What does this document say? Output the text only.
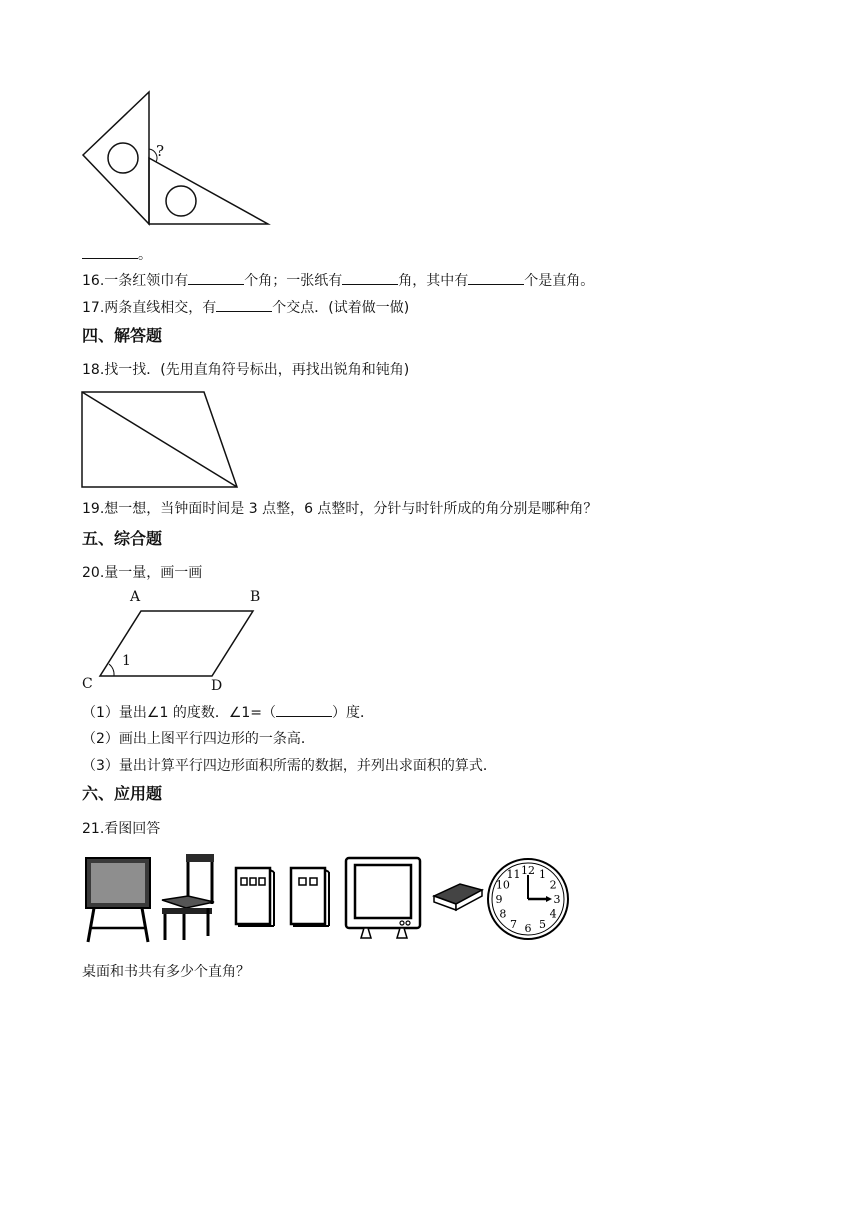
?
。
16.一条红领巾有	个角；一张纸有	角，其中有	个是直角。
17.两条直线相交，有	个交点．(试着做一做)
四、解答题
18.找一找．(先用直角符号标出，再找出锐角和钝角)
19.想一想，当钟面时间是 3 点整，6 点整时，分针与时针所成的角分别是哪种角？
五、综合题
20.量一量，画一画
A	B
C	D
1
（1）量出∠1 的度数．∠1=（	）度．
（2）画出上图平行四边形的一条高．
（3）量出计算平行四边形面积所需的数据，并列出求面积的算式．
六、应用题
21.看图回答
12 1
2
3
4
5
6
7
8
9
10
11
桌面和书共有多少个直角？
